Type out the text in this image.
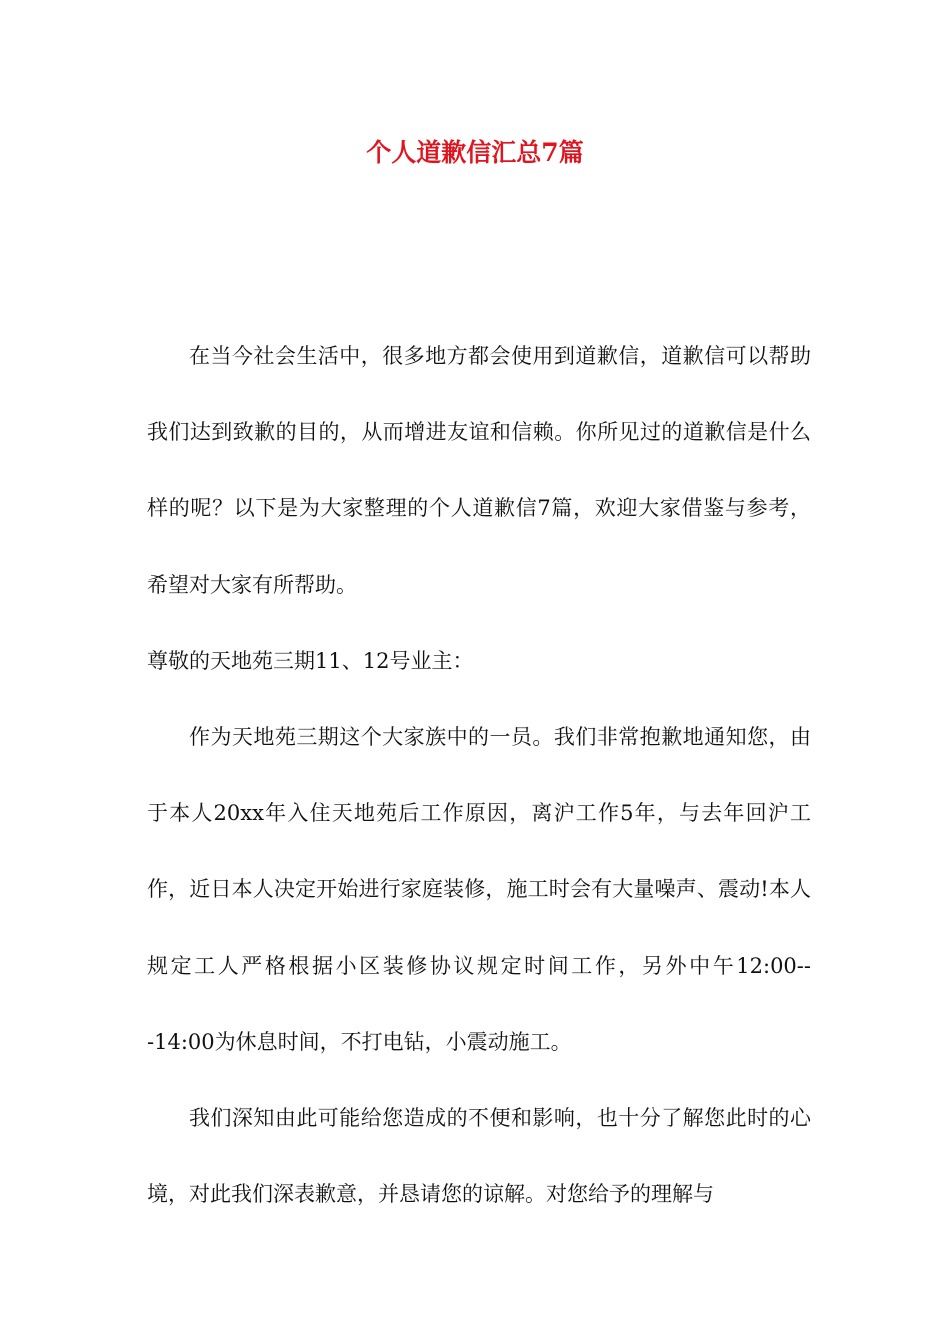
个人道歉信汇总7篇

在当今社会生活中，很多地方都会使用到道歉信，道歉信可以帮助我们达到致歉的目的，从而增进友谊和信赖。你所见过的道歉信是什么样的呢？以下是为大家整理的个人道歉信7篇，欢迎大家借鉴与参考，希望对大家有所帮助。

尊敬的天地苑三期11、12号业主：

作为天地苑三期这个大家族中的一员。我们非常抱歉地通知您，由于本人20xx年入住天地苑后工作原因，离沪工作5年，与去年回沪工作，近日本人决定开始进行家庭装修，施工时会有大量噪声、震动!本人规定工人严格根据小区装修协议规定时间工作，另外中午12:00---14:00为休息时间，不打电钻，小震动施工。

我们深知由此可能给您造成的不便和影响，也十分了解您此时的心境，对此我们深表歉意，并恳请您的谅解。对您给予的理解与
